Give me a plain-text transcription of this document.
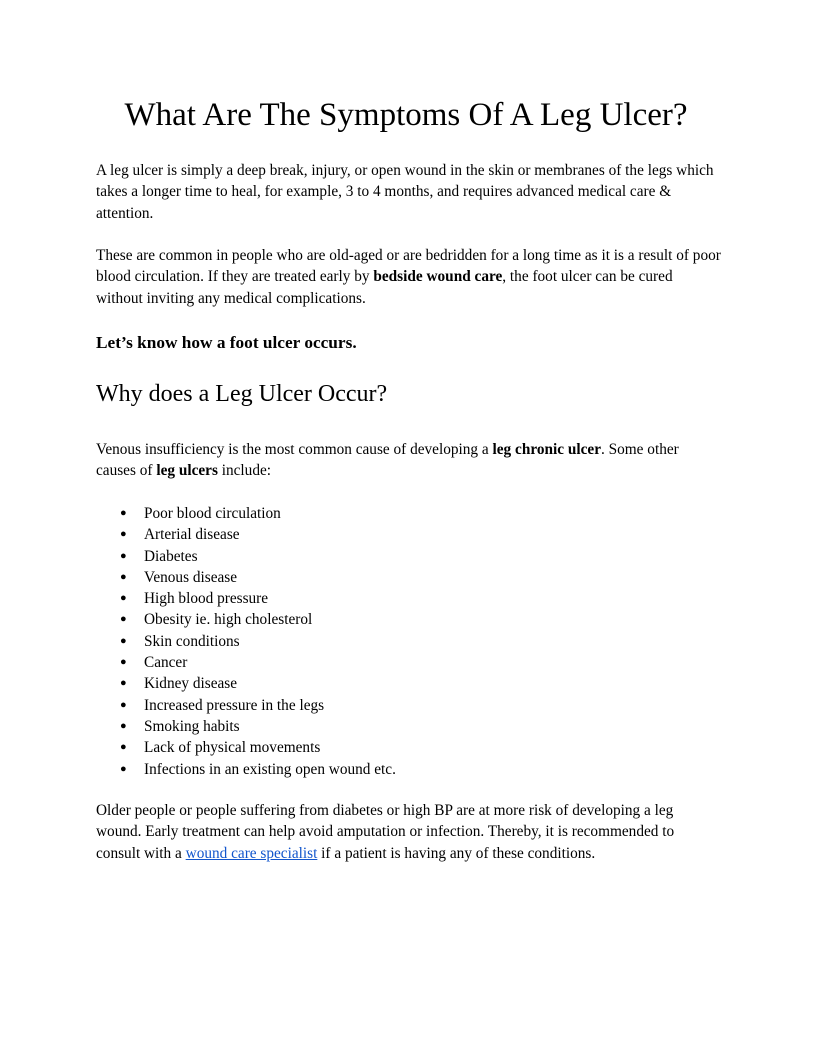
What Are The Symptoms Of A Leg Ulcer?

A leg ulcer is simply a deep break, injury, or open wound in the skin or membranes of the legs which takes a longer time to heal, for example, 3 to 4 months, and requires advanced medical care & attention.

These are common in people who are old-aged or are bedridden for a long time as it is a result of poor blood circulation. If they are treated early by bedside wound care, the foot ulcer can be cured without inviting any medical complications.

Let’s know how a foot ulcer occurs.

Why does a Leg Ulcer Occur?

Venous insufficiency is the most common cause of developing a leg chronic ulcer. Some other causes of leg ulcers include:

● Poor blood circulation
● Arterial disease
● Diabetes
● Venous disease
● High blood pressure
● Obesity ie. high cholesterol
● Skin conditions
● Cancer
● Kidney disease
● Increased pressure in the legs
● Smoking habits
● Lack of physical movements
● Infections in an existing open wound etc.

Older people or people suffering from diabetes or high BP are at more risk of developing a leg wound. Early treatment can help avoid amputation or infection. Thereby, it is recommended to consult with a wound care specialist if a patient is having any of these conditions.
